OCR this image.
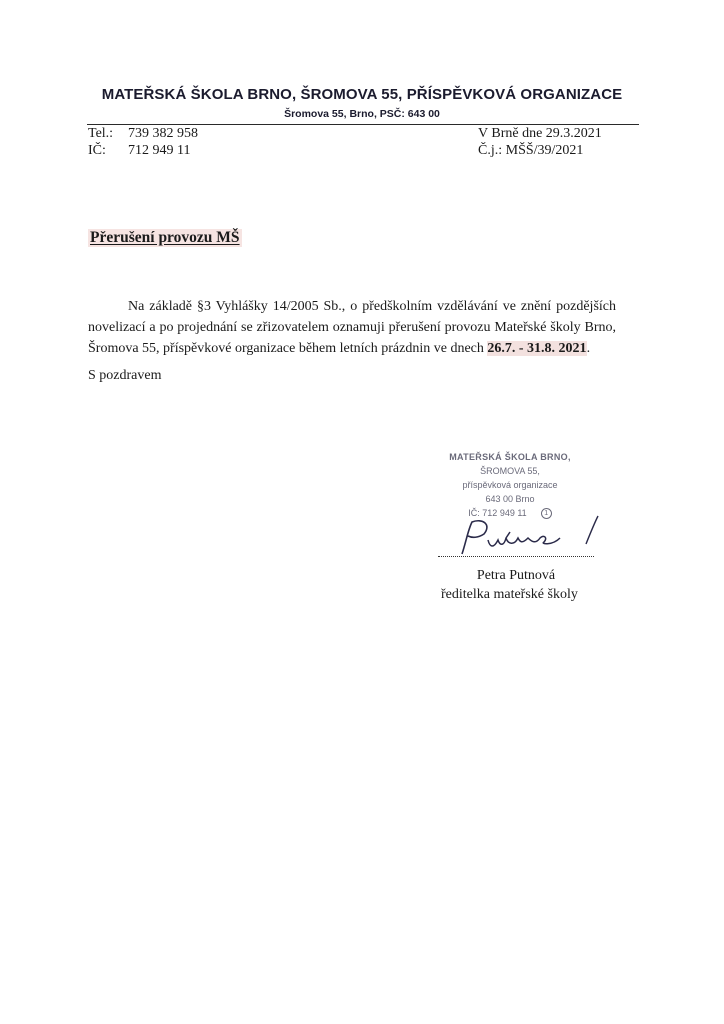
MATEŘSKÁ ŠKOLA BRNO, ŠROMOVA 55, PŘÍSPĚVKOVÁ ORGANIZACE
Šromova 55, Brno, PSČ: 643 00
Tel.:	739 382 958
IČ:	712 949 11
V Brně dne 29.3.2021
Č.j.: MŠŠ/39/2021
Přerušení provozu MŠ
Na základě §3 Vyhlášky 14/2005 Sb., o předškolním vzdělávání ve znění pozdějších novelizací a po projednání se zřizovatelem oznamuji přerušení provozu Mateřské školy Brno, Šromova 55, příspěvkové organizace během letních prázdnin ve dnech 26.7. - 31.8. 2021.
S pozdravem
MATEŘSKÁ ŠKOLA BRNO,
ŠROMOVA 55,
příspěvková organizace
643 00 Brno
IČ: 712 949 11	1
Petra Putnová
ředitelka mateřské školy
